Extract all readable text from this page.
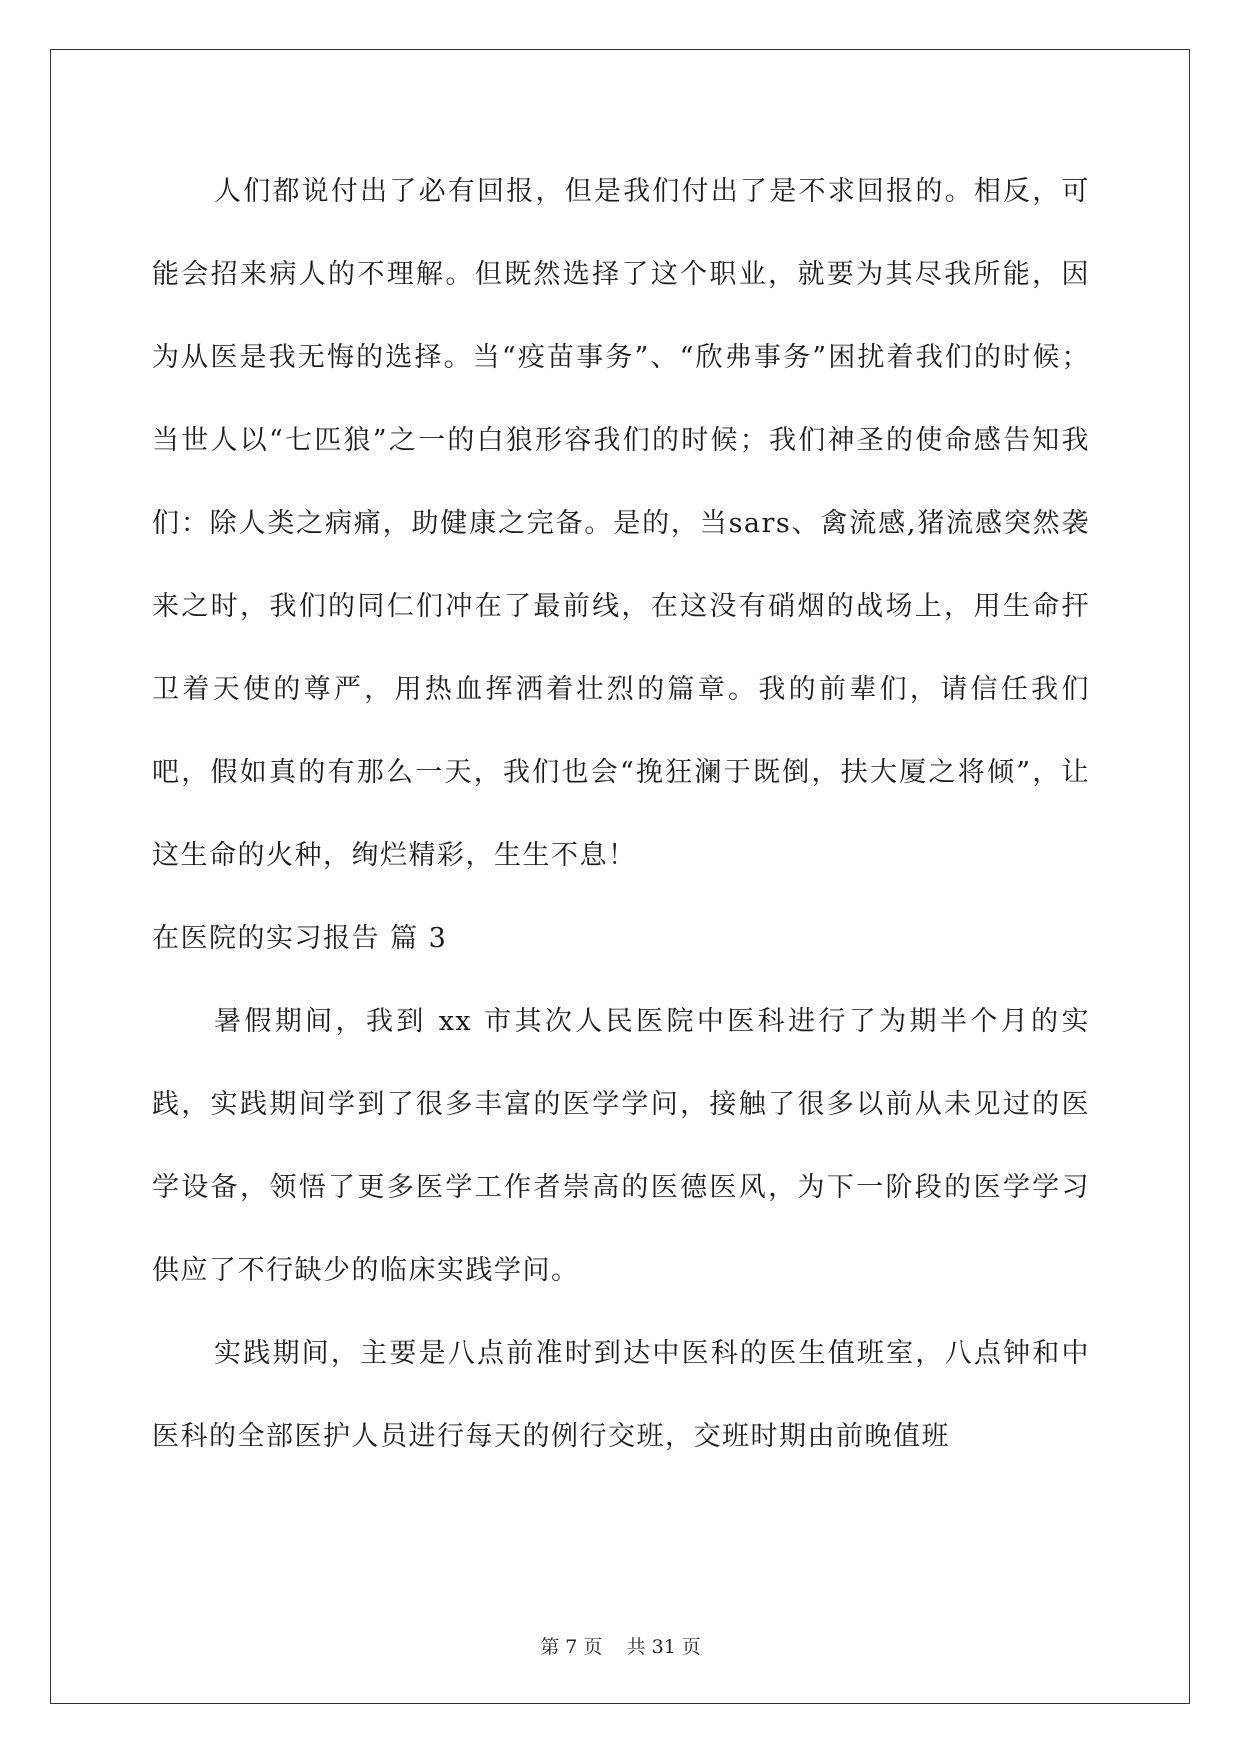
人们都说付出了必有回报，但是我们付出了是不求回报的。相反，可能会招来病人的不理解。但既然选择了这个职业，就要为其尽我所能，因为从医是我无悔的选择。当“疫苗事务”、“欣弗事务”困扰着我们的时候；当世人以“七匹狼”之一的白狼形容我们的时候；我们神圣的使命感告知我们：除人类之病痛，助健康之完备。是的，当sars、禽流感,猪流感突然袭来之时，我们的同仁们冲在了最前线，在这没有硝烟的战场上，用生命扞卫着天使的尊严，用热血挥洒着壮烈的篇章。我的前辈们，请信任我们吧，假如真的有那么一天，我们也会“挽狂澜于既倒，扶大厦之将倾”，让这生命的火种，绚烂精彩，生生不息！

在医院的实习报告 篇 3

暑假期间，我到 xx 市其次人民医院中医科进行了为期半个月的实践，实践期间学到了很多丰富的医学学问，接触了很多以前从未见过的医学设备，领悟了更多医学工作者崇高的医德医风，为下一阶段的医学学习供应了不行缺少的临床实践学问。

实践期间，主要是八点前准时到达中医科的医生值班室，八点钟和中医科的全部医护人员进行每天的例行交班，交班时期由前晚值班

第 7 页    共 31 页
